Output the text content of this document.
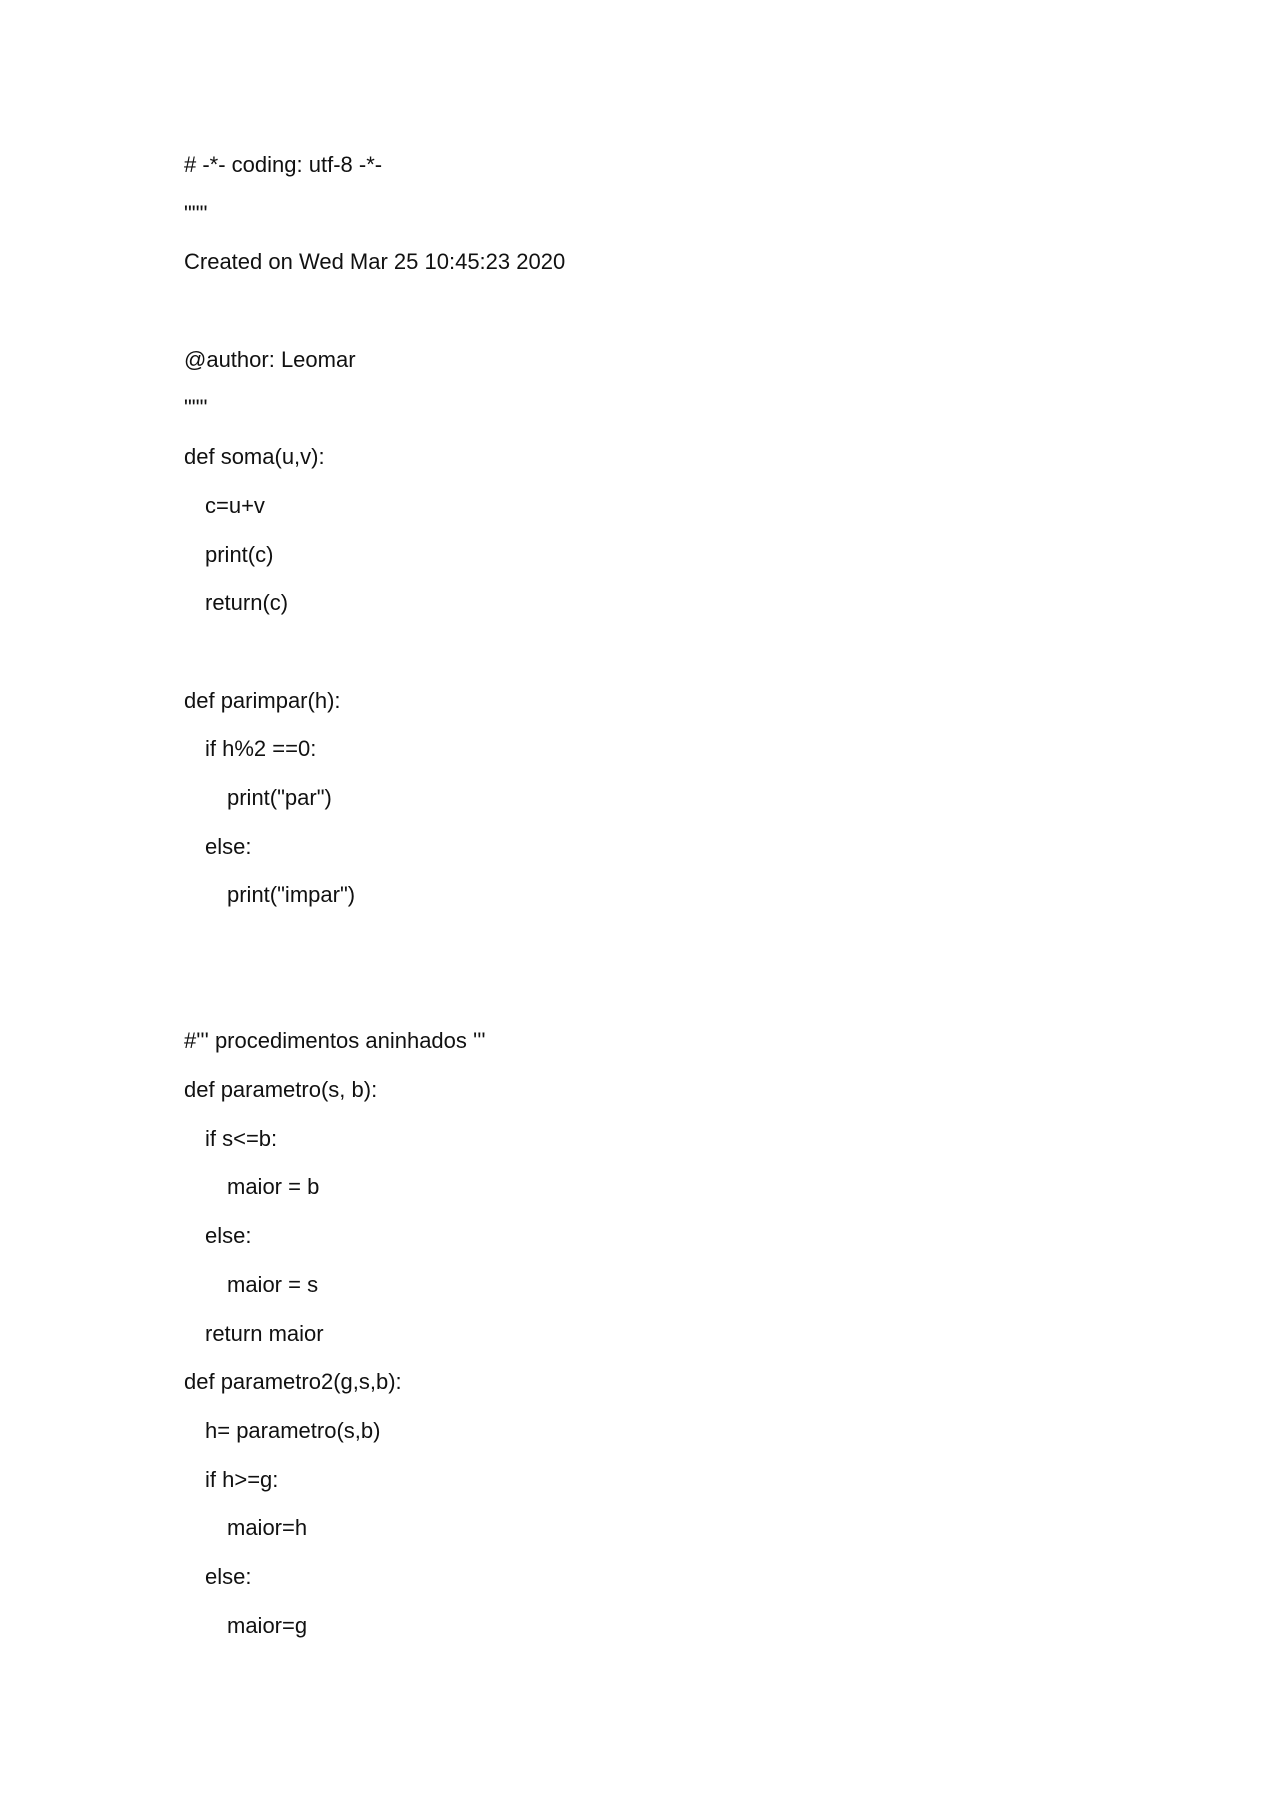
# -*- coding: utf-8 -*-
"""
Created on Wed Mar 25 10:45:23 2020
@author: Leomar
"""
def soma(u,v):
c=u+v
print(c)
return(c)
def parimpar(h):
if h%2 ==0:
print("par")
else:
print("impar")
#''' procedimentos aninhados '''
def parametro(s, b):
if s<=b:
maior = b
else:
maior = s
return maior
def parametro2(g,s,b):
h= parametro(s,b)
if h>=g:
maior=h
else:
maior=g
